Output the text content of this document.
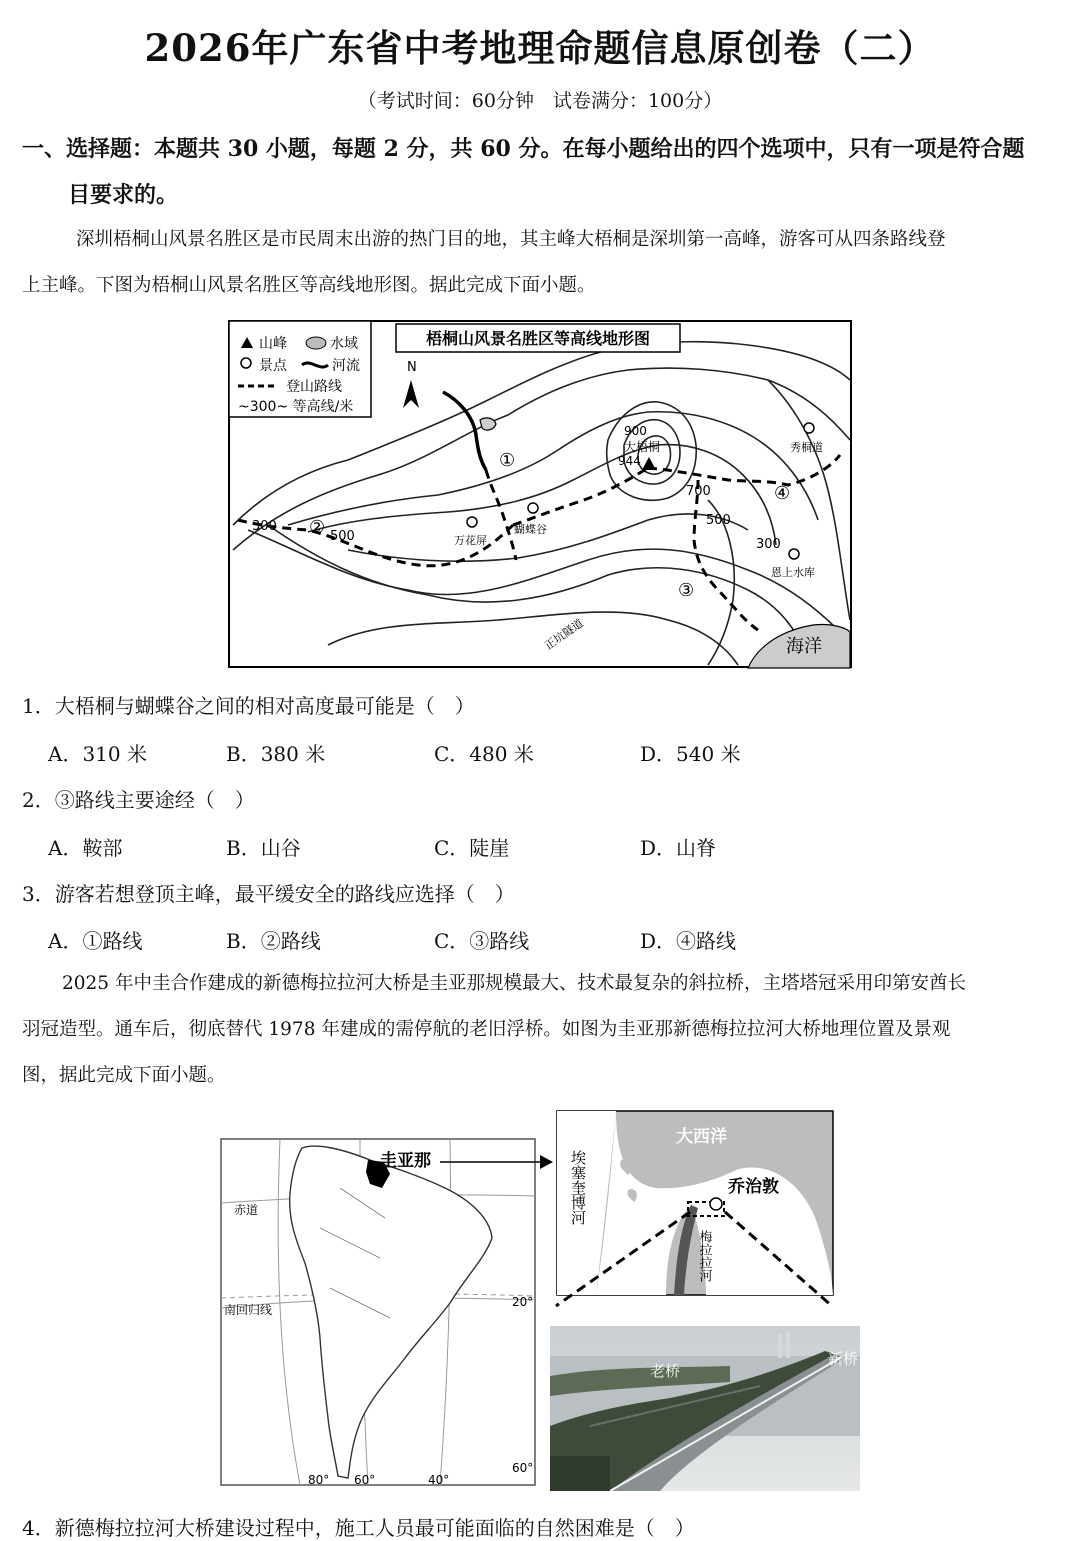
2026年广东省中考地理命题信息原创卷（二）
（考试时间：60分钟　试卷满分：100分）
一、选择题：本题共 30 小题，每题 2 分，共 60 分。在每小题给出的四个选项中，只有一项是符合题
目要求的。
深圳梧桐山风景名胜区是市民周末出游的热门目的地，其主峰大梧桐是深圳第一高峰，游客可从四条路线登
上主峰。下图为梧桐山风景名胜区等高线地形图。据此完成下面小题。
山峰	水域
景点	河流
登山路线
~300~ 等高线/米
梧桐山风景名胜区等高线地形图
N
900
大梧桐
944
700
500
500
300
300
万花屏
蝴蝶谷
秀桐道
恩上水库
正坑隧道	海洋
①
②
③
④
1．大梧桐与蝴蝶谷之间的相对高度最可能是（　）
A．310 米	B．380 米	C．480 米	D．540 米
2．③路线主要途经（　）
A．鞍部	B．山谷	C．陡崖	D．山脊
3．游客若想登顶主峰，最平缓安全的路线应选择（　）
A．①路线	B．②路线	C．③路线	D．④路线
2025 年中圭合作建成的新德梅拉拉河大桥是圭亚那规模最大、技术最复杂的斜拉桥，主塔塔冠采用印第安酋长
羽冠造型。通车后，彻底替代 1978 年建成的需停航的老旧浮桥。如图为圭亚那新德梅拉拉河大桥地理位置及景观
图，据此完成下面小题。
圭亚那
赤道
南回归线
20°
60°
80° 60°	40°
大西洋
埃塞奎博河	乔治敦
梅拉拉河
老桥
新桥
4．新德梅拉拉河大桥建设过程中，施工人员最可能面临的自然困难是（　）
